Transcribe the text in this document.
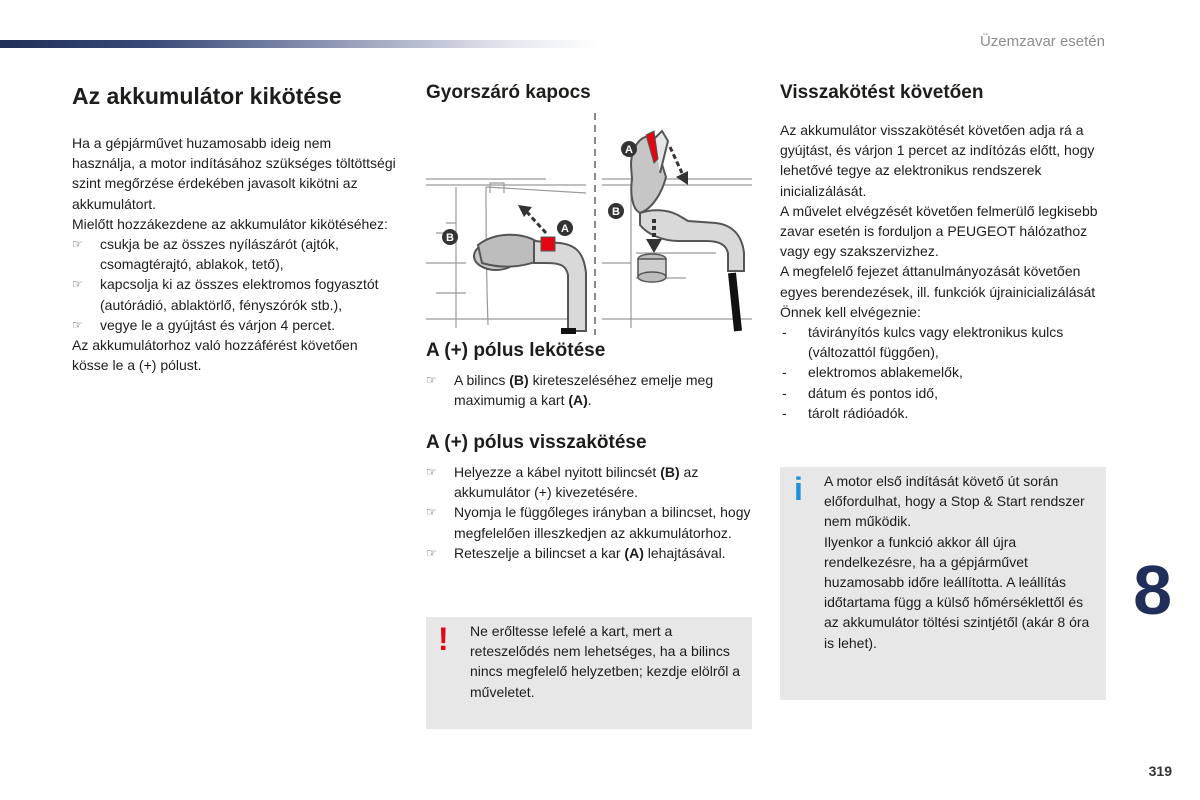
Üzemzavar esetén
Az akkumulátor kikötése

Ha a gépjárművet huzamosabb ideig nem használja, a motor indításához szükséges töltöttségi szint megőrzése érdekében javasolt kikötni az akkumulátort.

Mielőtt hozzákezdene az akkumulátor kikötéséhez:

☞ csukja be az összes nyílászárót (ajtók, csomagtérajtó, ablakok, tető),
☞ kapcsolja ki az összes elektromos fogyasztót (autórádió, ablaktörlő, fényszórók stb.),
☞ vegye le a gyújtást és várjon 4 percet.

Az akkumulátorhoz való hozzáférést követően kösse le a (+) pólust.

Gyorszáró kapocs
B
A
A
B
A (+) pólus lekötése
☞ A bilincs (B) kireteszeléséhez emelje meg maximumig a kart (A).
A (+) pólus visszakötése
☞ Helyezze a kábel nyitott bilincsét (B) az akkumulátor (+) kivezetésére.
☞ Nyomja le függőleges irányban a bilincset, hogy megfelelően illeszkedjen az akkumulátorhoz.
☞ Reteszelje a bilincset a kar (A) lehajtásával.
! Ne erőltesse lefelé a kart, mert a reteszelődés nem lehetséges, ha a bilincs nincs megfelelő helyzetben; kezdje elölről a műveletet.

Visszakötést követően

Az akkumulátor visszakötését követően adja rá a gyújtást, és várjon 1 percet az indítózás előtt, hogy lehetővé tegye az elektronikus rendszerek inicializálását.

A művelet elvégzését követően felmerülő legkisebb zavar esetén is forduljon a PEUGEOT hálózathoz vagy egy szakszervizhez.

A megfelelő fejezet áttanulmányozását követően egyes berendezések, ill. funkciók újrainicializálását Önnek kell elvégeznie:

- távirányítós kulcs vagy elektronikus kulcs (változattól függően),
- elektromos ablakemelők,
- dátum és pontos idő,
- tárolt rádióadók.
i A motor első indítását követő út során előfordulhat, hogy a Stop & Start rendszer nem működik.

Ilyenkor a funkció akkor áll újra rendelkezésre, ha a gépjárművet huzamosabb időre leállította. A leállítás időtartama függ a külső hőmérséklettől és az akkumulátor töltési szintjétől (akár 8 óra is lehet).

8
319
